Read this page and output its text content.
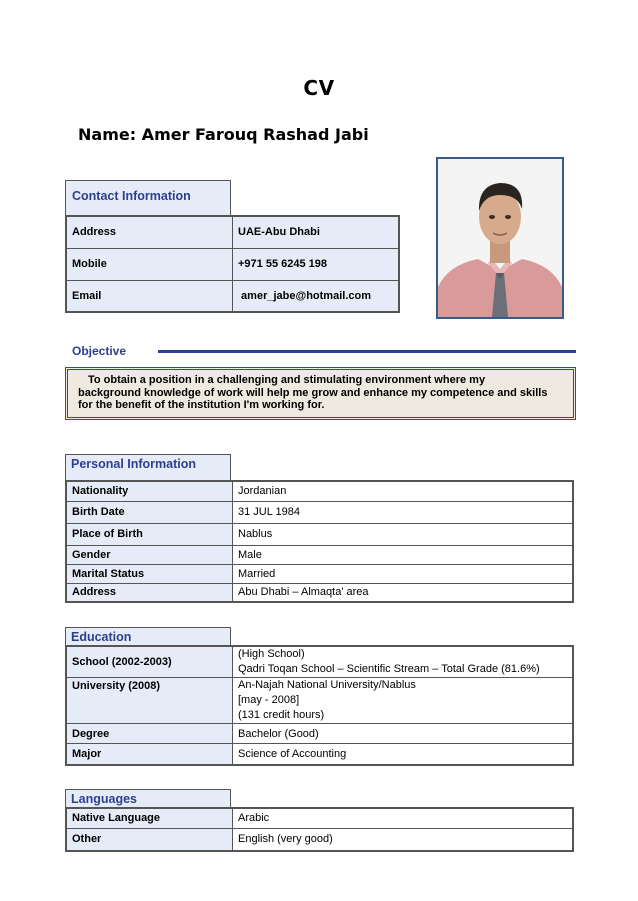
CV
Name: Amer Farouq Rashad Jabi
Contact Information
Address	UAE-Abu Dhabi
Mobile	+971 55 6245 198
Email	amer_jabe@hotmail.com
Objective
To obtain a position in a challenging and stimulating environment where my
background knowledge of work will help me grow and enhance my competence and skills
for the benefit of the institution I'm working for.
Personal Information
Nationality	Jordanian
Birth Date	31 JUL 1984
Place of Birth	Nablus
Gender	Male
Marital Status	Married
Address	Abu Dhabi – Almaqta' area
Education
School (2002-2003)	(High School)
Qadri Toqan School – Scientific Stream – Total Grade (81.6%)

University (2008)	An-Najah National University/Nablus
[may - 2008]
(131 credit hours)

Degree	Bachelor (Good)
Major	Science of Accounting
Languages
Native Language	Arabic
Other	English (very good)
